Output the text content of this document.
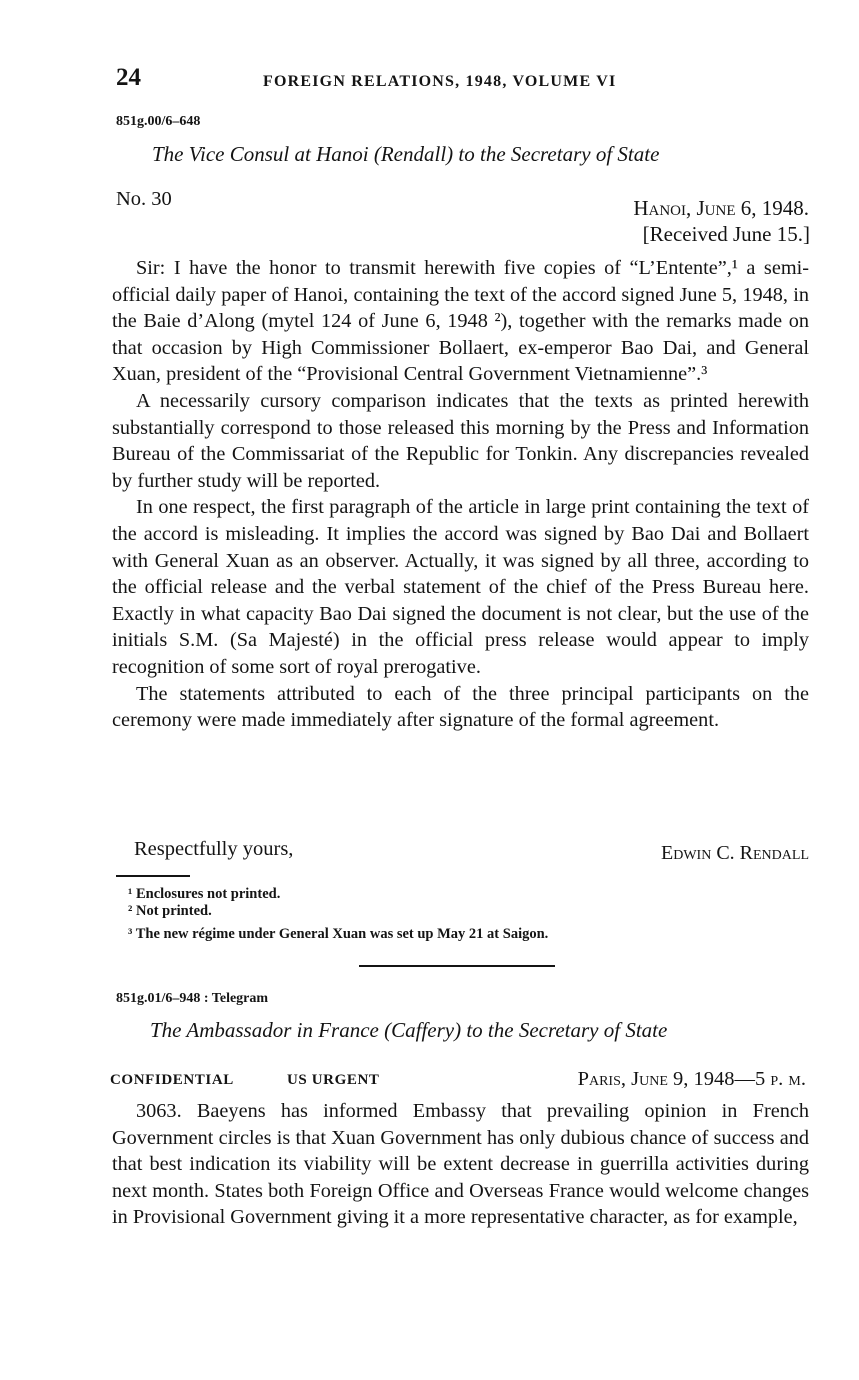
24	FOREIGN RELATIONS, 1948, VOLUME VI
851g.00/6–648
The Vice Consul at Hanoi (Rendall) to the Secretary of State
No. 30	Hanoi, June 6, 1948.
[Received June 15.]

Sir: I have the honor to transmit herewith five copies of “L’Entente”,¹ a semi-official daily paper of Hanoi, containing the text of the accord signed June 5, 1948, in the Baie d’Along (mytel 124 of June 6, 1948 ²), together with the remarks made on that occasion by High Commissioner Bollaert, ex-emperor Bao Dai, and General Xuan, president of the “Provisional Central Government Vietnamienne”.³

A necessarily cursory comparison indicates that the texts as printed herewith substantially correspond to those released this morning by the Press and Information Bureau of the Commissariat of the Republic for Tonkin. Any discrepancies revealed by further study will be reported.

In one respect, the first paragraph of the article in large print containing the text of the accord is misleading. It implies the accord was signed by Bao Dai and Bollaert with General Xuan as an observer. Actually, it was signed by all three, according to the official release and the verbal statement of the chief of the Press Bureau here. Exactly in what capacity Bao Dai signed the document is not clear, but the use of the initials S.M. (Sa Majesté) in the official press release would appear to imply recognition of some sort of royal prerogative.

The statements attributed to each of the three principal participants on the ceremony were made immediately after signature of the formal agreement.

Respectfully yours,	Edwin C. Rendall
¹ Enclosures not printed.
² Not printed.
³ The new régime under General Xuan was set up May 21 at Saigon.
851g.01/6–948 : Telegram
The Ambassador in France (Caffery) to the Secretary of State
CONFIDENTIAL	US URGENT	Paris, June 9, 1948—5 p. m.

3063. Baeyens has informed Embassy that prevailing opinion in French Government circles is that Xuan Government has only dubious chance of success and that best indication its viability will be extent decrease in guerrilla activities during next month. States both Foreign Office and Overseas France would welcome changes in Provisional Government giving it a more representative character, as for example,
